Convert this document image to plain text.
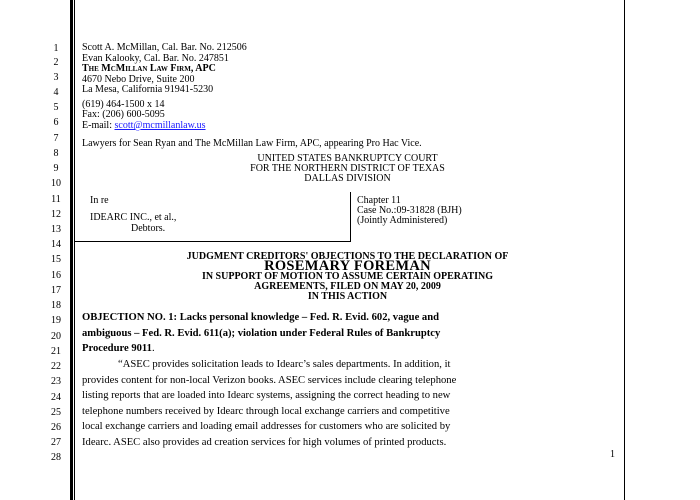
1
2
3
4
5
6
7
8
9
10
11
12
13
14
15
16
17
18
19
20
21
22
23
24
25
26
27
28
Scott A. McMillan, Cal. Bar. No. 212506
Evan Kalooky, Cal. Bar. No. 247851
The McMillan Law Firm, APC
4670 Nebo Drive, Suite 200
La Mesa, California 91941-5230
(619) 464-1500 x 14
Fax: (206) 600-5095
E-mail: scott@mcmillanlaw.us
Lawyers for Sean Ryan and The McMillan Law Firm, APC, appearing Pro Hac Vice.
UNITED STATES BANKRUPTCY COURT
FOR THE NORTHERN DISTRICT OF TEXAS
DALLAS DIVISION
In re
IDEARC INC., et al.,
Debtors.
Chapter 11
Case No.:09-31828 (BJH)
(Jointly Administered)
JUDGMENT CREDITORS' OBJECTIONS TO THE DECLARATION OF
ROSEMARY FOREMAN
IN SUPPORT OF MOTION TO ASSUME CERTAIN OPERATING
AGREEMENTS, FILED ON MAY 20, 2009
IN THIS ACTION
OBJECTION NO. 1: Lacks personal knowledge – Fed. R. Evid. 602, vague and
ambiguous – Fed. R. Evid. 611(a); violation under Federal Rules of Bankruptcy
Procedure 9011.
“ASEC provides solicitation leads to Idearc’s sales departments. In addition, it
provides content for non-local Verizon books. ASEC services include clearing telephone
listing reports that are loaded into Idearc systems, assigning the correct heading to new
telephone numbers received by Idearc through local exchange carriers and competitive
local exchange carriers and loading email addresses for customers who are solicited by
Idearc. ASEC also provides ad creation services for high volumes of printed products.
1
